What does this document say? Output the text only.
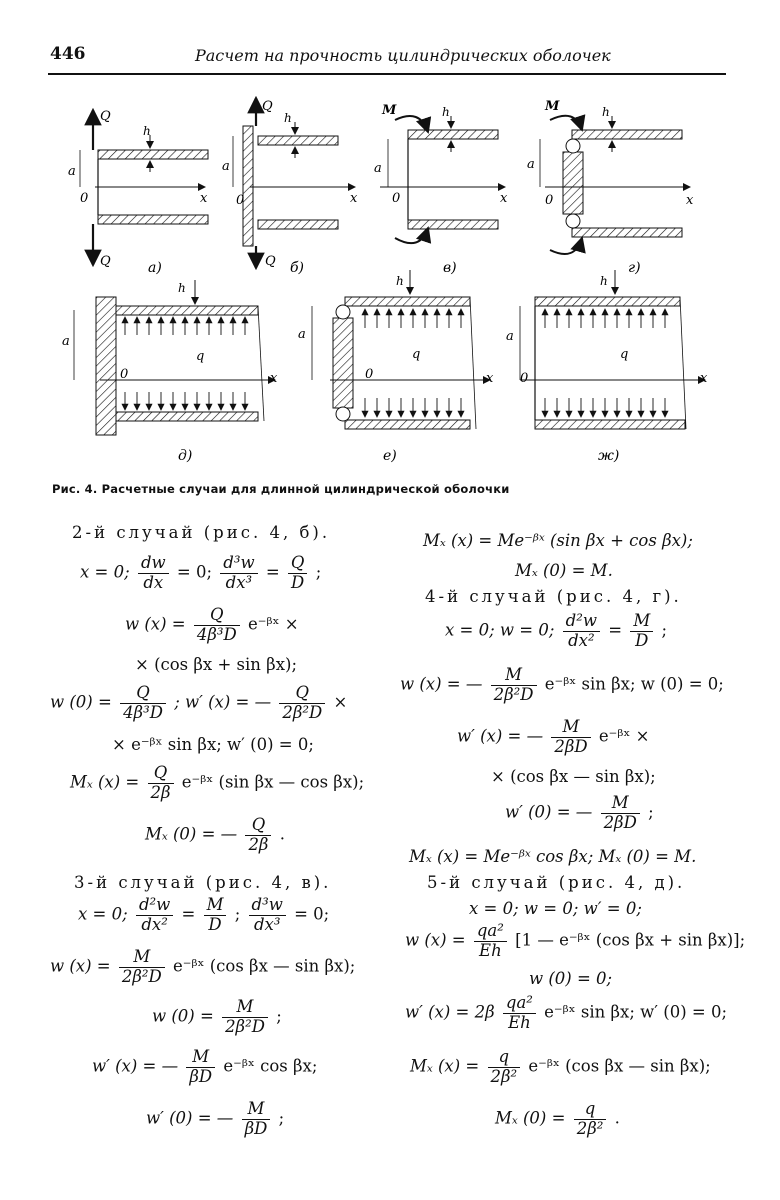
446	Расчет на прочность цилиндрических оболочек
Q
Q
h
a
0	x
а)
Q
Q
h
a
0	x
б)
M	h
a
0	x
в)
M	h
a
0	x
г)
h
a
q
0	x
д)
h
a
q
0	x
е)
h
a
q
0	x
ж)
Рис. 4. Расчетные случаи для длинной цилиндрической оболочки
2-й случай (рис. 4, б).
x = 0; $\frac{dw}{dx} = 0$; $\frac{\text{d³w}}{\text{dx³}} = \frac{Q}{D}$ ;
w $(x) = \frac{Q}{\text{4β³D}}$ e⁻ᵝˣ ×
× (cos βx + sin βx);
w $(0) = \frac{Q}{\text{4β³D}}$ ; w′ (x) = — $\frac{Q}{\text{2β²D}}$ ×
× e⁻ᵝˣ sin βx; w′ (0) = 0;
Mₓ $(x) = \frac{Q}{2\beta}$ e⁻ᵝˣ (sin βx — cos βx);
Mₓ (0) = — $\frac{Q}{2\beta}$ .
3-й случай (рис. 4, в).
x = 0; $\frac{\text{d²w}}{\text{dx²}} = \frac{M}{D}$ ; $\frac{\text{d³w}}{\text{dx³}} = 0$;
w $(x) = \frac{M}{\text{2β²D}}$ e⁻ᵝˣ (cos βx — sin βx);
w $(0) = \frac{M}{\text{2β²D}}$ ;
w′ (x) = — $\frac{M}{\beta D}$ e⁻ᵝˣ cos βx;
w′ (0) = — $\frac{M}{\beta D}$ ;
Mₓ (x) = Me⁻ᵝˣ (sin βx + cos βx);
Mₓ (0) = M.
4-й случай (рис. 4, г).
x = 0; w = 0; $\frac{\text{d²w}}{\text{dx²}} = \frac{M}{D}$ ;
w (x) = — $\frac{M}{\text{2β²D}}$ e⁻ᵝˣ sin βx; w (0) = 0;
w′ (x) = — $\frac{M}{2\beta D}$ e⁻ᵝˣ ×
× (cos βx — sin βx);
w′ (0) = — $\frac{M}{2\beta D}$ ;
Mₓ (x) = Me⁻ᵝˣ cos βx; Mₓ (0) = M.
5-й случай (рис. 4, д).
x = 0; w = 0; w′ = 0;
w $(x) = \frac{\text{qa²}}{Eh} [1$ — e⁻ᵝˣ (cos βx + sin βx)];
w (0) = 0;
w′ $(x) = 2\beta \frac{\text{qa²}}{Eh}$ e⁻ᵝˣ sin βx; w′ (0) = 0;
Mₓ $(x) = \frac{q}{\text{2β²}}$ e⁻ᵝˣ (cos βx — sin βx);
Mₓ $(0) = \frac{q}{\text{2β²}}$ .
